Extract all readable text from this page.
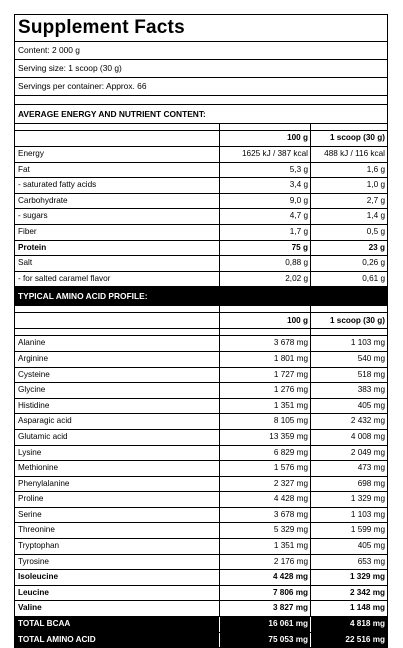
Supplement Facts
Content: 2 000 g
Serving size: 1 scoop (30 g)
Servings per container: Approx. 66
AVERAGE ENERGY AND NUTRIENT CONTENT:

	100 g	1 scoop (30 g)
Energy	1625 kJ / 387 kcal	488 kJ / 116 kcal
Fat	5,3 g	1,6 g
- saturated fatty acids	3,4 g	1,0 g
Carbohydrate	9,0 g	2,7 g
- sugars	4,7 g	1,4 g
Fiber	1,7 g	0,5 g
Protein	75 g	23 g
Salt	0,88 g	0,26 g
- for salted caramel flavor	2,02 g	0,61 g
TYPICAL AMINO ACID PROFILE:

	100 g	1 scoop (30 g)

Alanine	3 678 mg	1 103 mg
Arginine	1 801 mg	540 mg
Cysteine	1 727 mg	518 mg
Glycine	1 276 mg	383 mg
Histidine	1 351 mg	405 mg
Asparagic acid	8 105 mg	2 432 mg
Glutamic acid	13 359 mg	4 008 mg
Lysine	6 829 mg	2 049 mg
Methionine	1 576 mg	473 mg
Phenylalanine	2 327 mg	698 mg
Proline	4 428 mg	1 329 mg
Serine	3 678 mg	1 103 mg
Threonine	5 329 mg	1 599 mg
Tryptophan	1 351 mg	405 mg
Tyrosine	2 176 mg	653 mg
Isoleucine	4 428 mg	1 329 mg
Leucine	7 806 mg	2 342 mg
Valine	3 827 mg	1 148 mg
TOTAL BCAA	16 061 mg	4 818 mg
TOTAL AMINO ACID	75 053 mg	22 516 mg
